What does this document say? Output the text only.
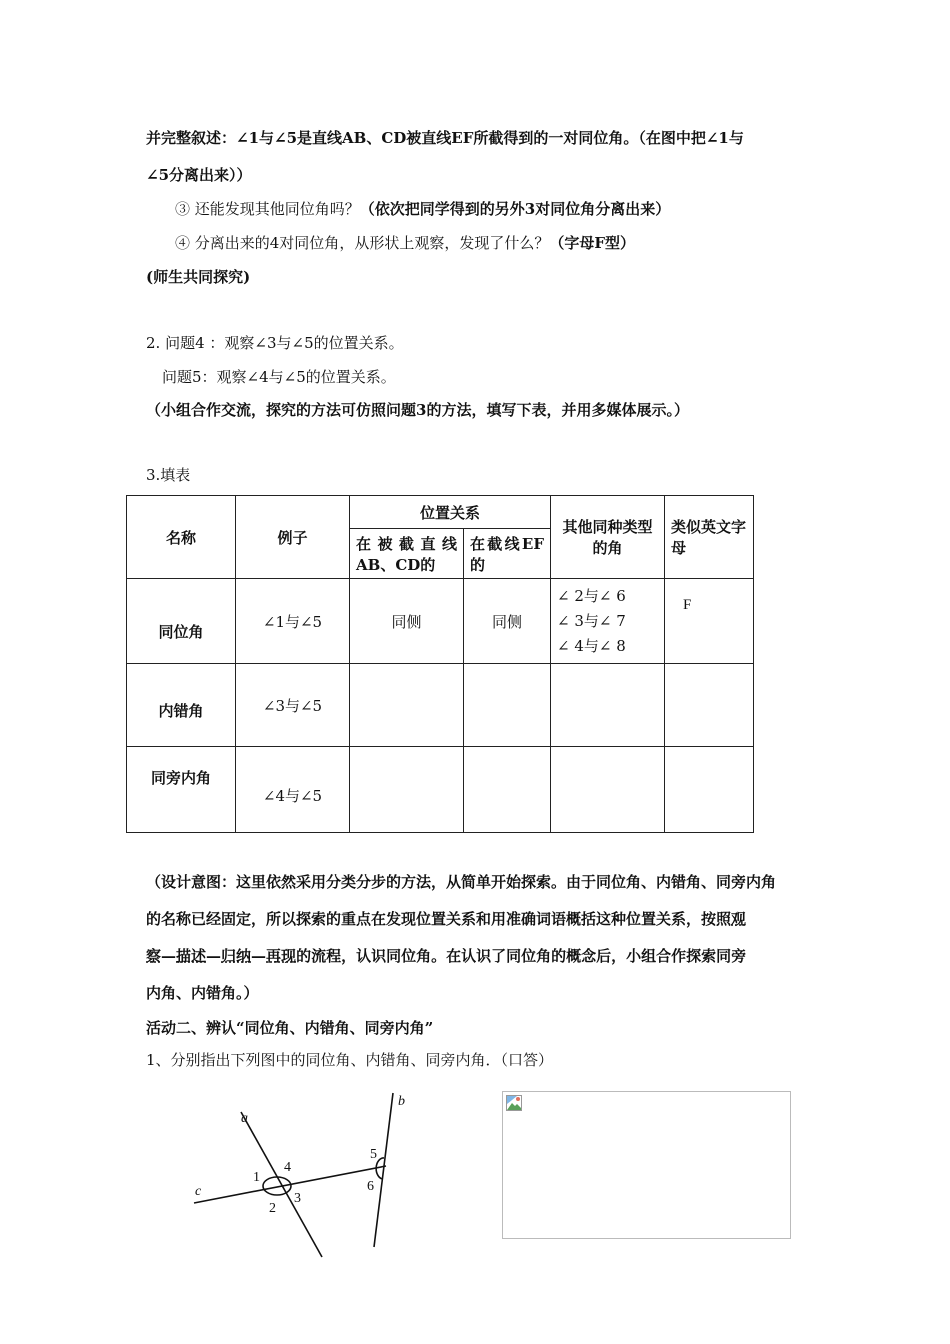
并完整叙述：∠1与∠5是直线AB、CD被直线EF所截得到的一对同位角。（在图中把∠1与
∠5分离出来））
③ 还能发现其他同位角吗？（依次把同学得到的另外3对同位角分离出来）
④ 分离出来的4对同位角，从形状上观察，发现了什么？（字母F型）
(师生共同探究)
2. 问题4 ：观察∠3与∠5的位置关系。
问题5：观察∠4与∠5的位置关系。
（小组合作交流，探究的方法可仿照问题3的方法，填写下表，并用多媒体展示。）
3.填表
名称	例子	位置关系		其他同种类型的角	类似英文字母
		在被截直线AB、CD的	在截线EF的		
同位角	∠1与∠5	同侧	同侧	∠ 2与∠ 6
∠ 3与∠ 7
∠ 4与∠ 8	F
内错角	∠3与∠5				
同旁内角	∠4与∠5				
（设计意图：这里依然采用分类分步的方法，从简单开始探索。由于同位角、内错角、同旁内角
的名称已经固定，所以探索的重点在发现位置关系和用准确词语概括这种位置关系，按照观
察—描述—归纳—再现的流程，认识同位角。在认识了同位角的概念后，小组合作探索同旁
内角、内错角。）
活动二、辨认“同位角、内错角、同旁内角”
1、分别指出下列图中的同位角、内错角、同旁内角．（口答）
a
b
c
1
2
3
4
5
6
